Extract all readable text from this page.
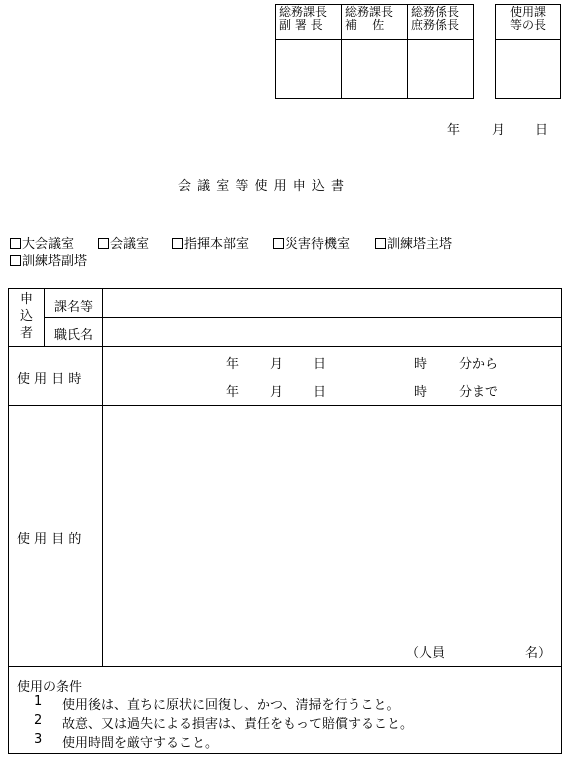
総務課長
副 署 長
総務課長
補    佐
総務係長
庶務係長
使用課
等の長
年 月 日
会 議 室 等 使 用 申 込 書
大会議室	会議室	指揮本部室	災害待機室	訓練塔主塔
訓練塔副塔
申
込
者
課名等
職氏名
使 用 日 時
年 月 日	時 分から
年 月 日	時 分まで
使 用 目 的
（人員	名）
使用の条件
1 使用後は、直ちに原状に回復し、かつ、清掃を行うこと。
2 故意、又は過失による損害は、責任をもって賠償すること。
3 使用時間を厳守すること。
